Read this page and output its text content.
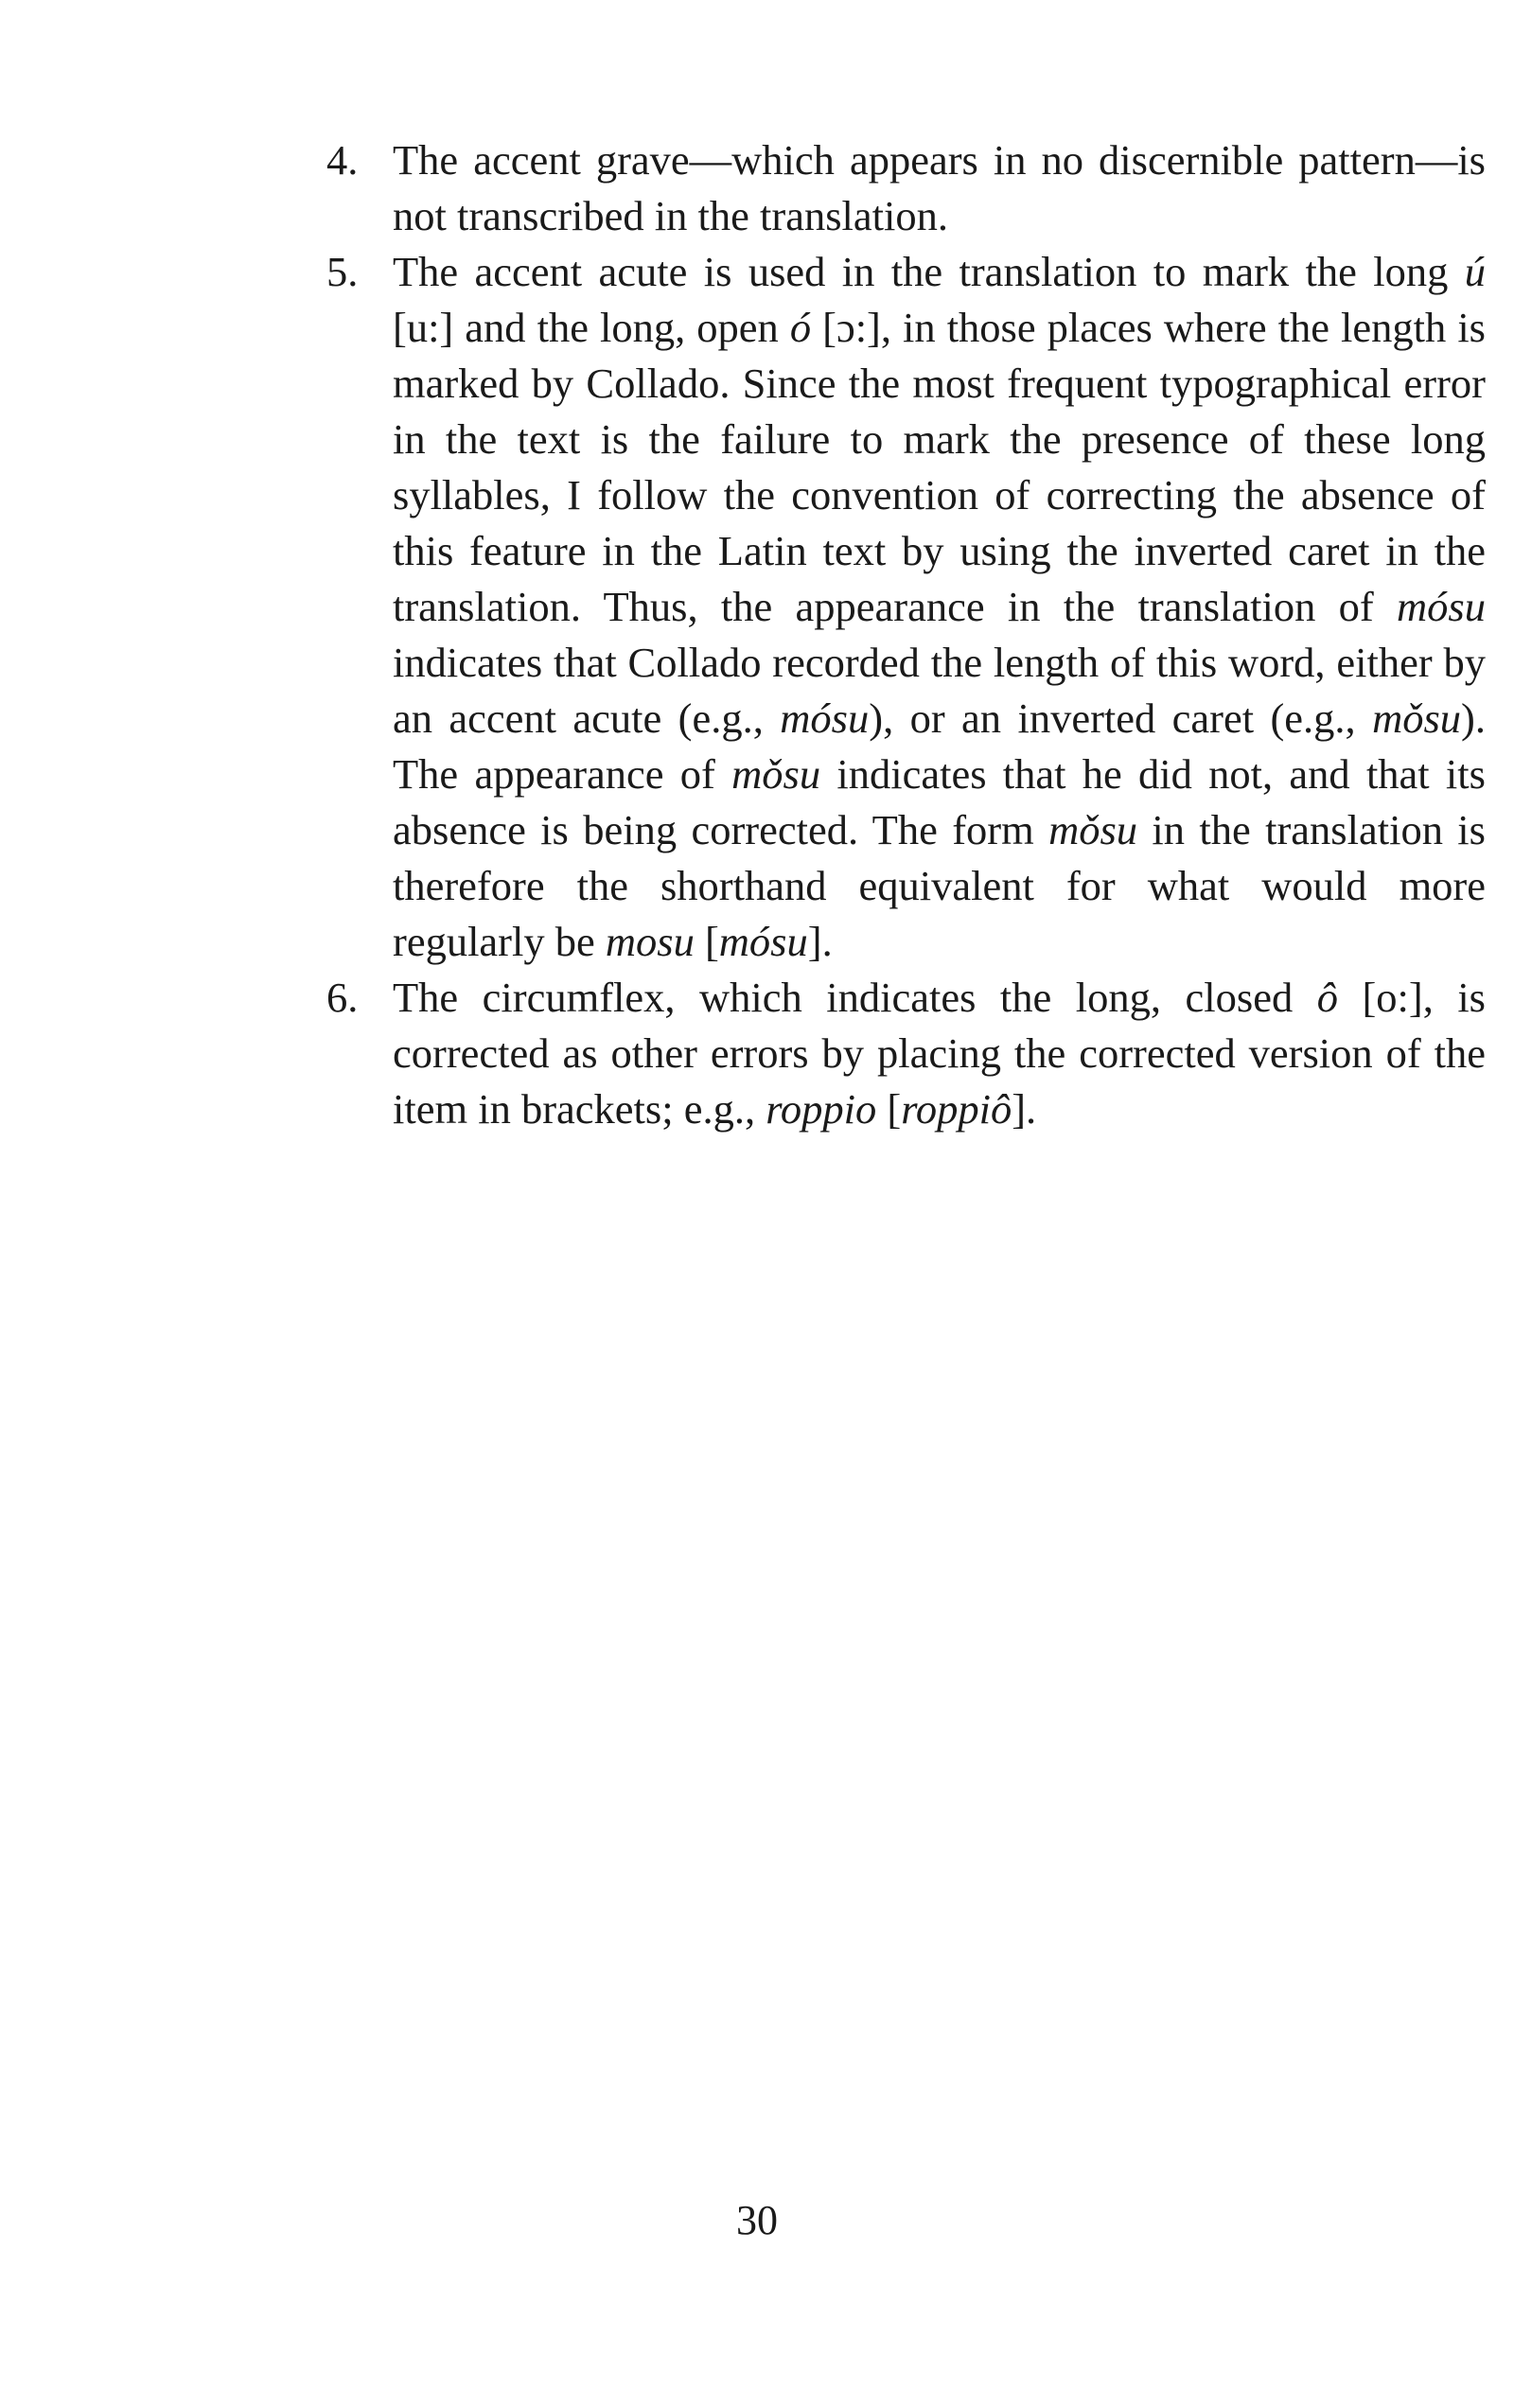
4. The accent grave—which appears in no discernible pattern—is not transcribed in the translation.
5. The accent acute is used in the translation to mark the long ú [u:] and the long, open ó [ɔ:], in those places where the length is marked by Collado. Since the most frequent typographical error in the text is the failure to mark the presence of these long syllables, I follow the convention of correcting the absence of this feature in the Latin text by using the inverted caret in the translation. Thus, the appearance in the translation of mósu indicates that Collado recorded the length of this word, either by an accent acute (e.g., mósu), or an inverted caret (e.g., mǒsu). The appearance of mǒsu indicates that he did not, and that its absence is being corrected. The form mǒsu in the translation is therefore the shorthand equivalent for what would more regularly be mosu [mósu].
6. The circumflex, which indicates the long, closed ô [o:], is corrected as other errors by placing the corrected version of the item in brackets; e.g., roppio [roppiô].
30
